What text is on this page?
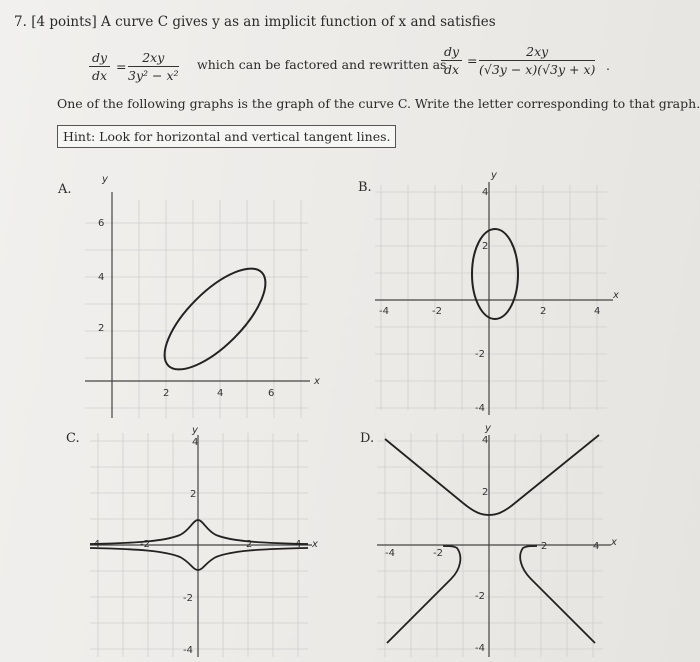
7. [4 points] A curve C gives y as an implicit function of x and satisfies
$\frac{dy}{dx} = \frac{2xy}{\text{3y² − x²}}$ which can be factored and rewritten as
$\frac{dy}{dx} = \frac{2xy}{(√3y - x)(√3y + x)}$ .
One of the following graphs is the graph of the curve C. Write the letter corresponding to that graph.
Hint: Look for horizontal and vertical tangent lines.
A.	B.
C.	D.
x
y
2	4	6
2
4
6
x
y
-4	-2	2	4
4
2
-2
-4
x
y
-4	-2	2	4
4
2
-2
-4
x
y
-4	-2
2	4
4
2
-2
-4
